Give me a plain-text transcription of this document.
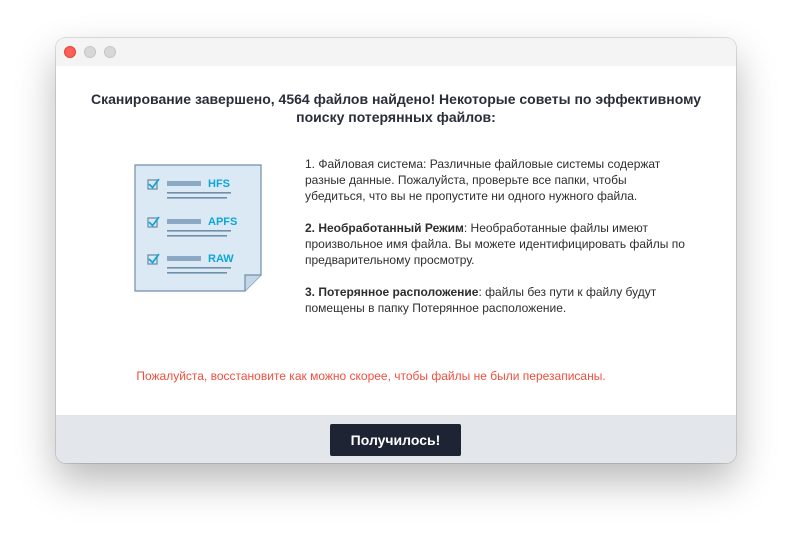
Сканирование завершено, 4564 файлов найдено! Некоторые советы по эффективному
поиску потерянных файлов:
HFS
APFS
RAW

1. Файловая система: Различные файловые системы содержат разные данные. Пожалуйста, проверьте все папки, чтобы убедиться, что вы не пропустите ни одного нужного файла.

2. Необработанный Режим: Необработанные файлы имеют произвольное имя файла. Вы можете идентифицировать файлы по предварительному просмотру.

3. Потерянное расположение: файлы без пути к файлу будут помещены в папку Потерянное расположение.

Пожалуйста, восстановите как можно скорее, чтобы файлы не были перезаписаны.
Получилось!
